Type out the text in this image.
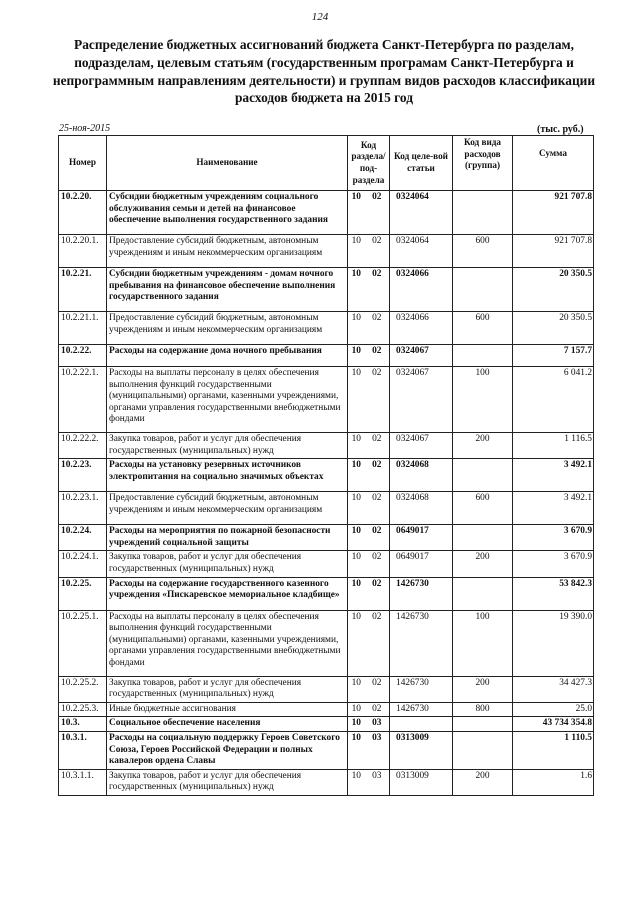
124
Распределение бюджетных ассигнований бюджета Санкт-Петербурга по разделам, подразделам, целевым статьям (государственным програмам Санкт-Петербурга и непрограммным направлениям деятельности) и группам видов расходов классификации расходов бюджета на 2015 год
25-ноя-2015	(тыс. руб.)
Номер	Наименование	Код раздела/ под-раздела		Код целе-вой статьи	Код вида расходов (группа)	Сумма
10.2.20.	Субсидии бюджетным учреждениям социального обслуживания семьи и детей на финансовое обеспечение выполнения государственного задания	10	02	0324064		921 707.8
10.2.20.1.	Предоставление субсидий бюджетным, автономным учреждениям и иным некоммерческим организациям	10	02	0324064	600	921 707.8
10.2.21.	Субсидии бюджетным учреждениям - домам ночного пребывания на финансовое обеспечение выполнения государственного задания	10	02	0324066		20 350.5
10.2.21.1.	Предоставление субсидий бюджетным, автономным учреждениям и иным некоммерческим организациям	10	02	0324066	600	20 350.5
10.2.22.	Расходы на содержание дома ночного пребывания	10	02	0324067		7 157.7
10.2.22.1.	Расходы на выплаты персоналу в целях обеспечения выполнения функций государственными (муниципальными) органами, казенными учреждениями, органами управления государственными внебюджетными фондами	10	02	0324067	100	6 041.2
10.2.22.2.	Закупка товаров, работ и услуг для обеспечения государственных (муниципальных) нужд	10	02	0324067	200	1 116.5
10.2.23.	Расходы на установку резервных источников электропитания на социально значимых объектах	10	02	0324068		3 492.1
10.2.23.1.	Предоставление субсидий бюджетным, автономным учреждениям и иным некоммерческим организациям	10	02	0324068	600	3 492.1
10.2.24.	Расходы на мероприятия по пожарной безопасности учреждений социальной защиты	10	02	0649017		3 670.9
10.2.24.1.	Закупка товаров, работ и услуг для обеспечения государственных (муниципальных) нужд	10	02	0649017	200	3 670.9
10.2.25.	Расходы на содержание государственного казенного учреждения «Пискаревское мемориальное кладбище»	10	02	1426730		53 842.3
10.2.25.1.	Расходы на выплаты персоналу в целях обеспечения выполнения функций государственными (муниципальными) органами, казенными учреждениями, органами управления государственными внебюджетными фондами	10	02	1426730	100	19 390.0
10.2.25.2.	Закупка товаров, работ и услуг для обеспечения государственных (муниципальных) нужд	10	02	1426730	200	34 427.3
10.2.25.3.	Иные бюджетные ассигнования	10	02	1426730	800	25.0
10.3.	Социальное обеспечение населения	10	03			43 734 354.8
10.3.1.	Расходы на социальную поддержку Героев Советского Союза, Героев Российской Федерации и полных кавалеров ордена Славы	10	03	0313009		1 110.5
10.3.1.1.	Закупка товаров, работ и услуг для обеспечения государственных (муниципальных) нужд	10	03	0313009	200	1.6
